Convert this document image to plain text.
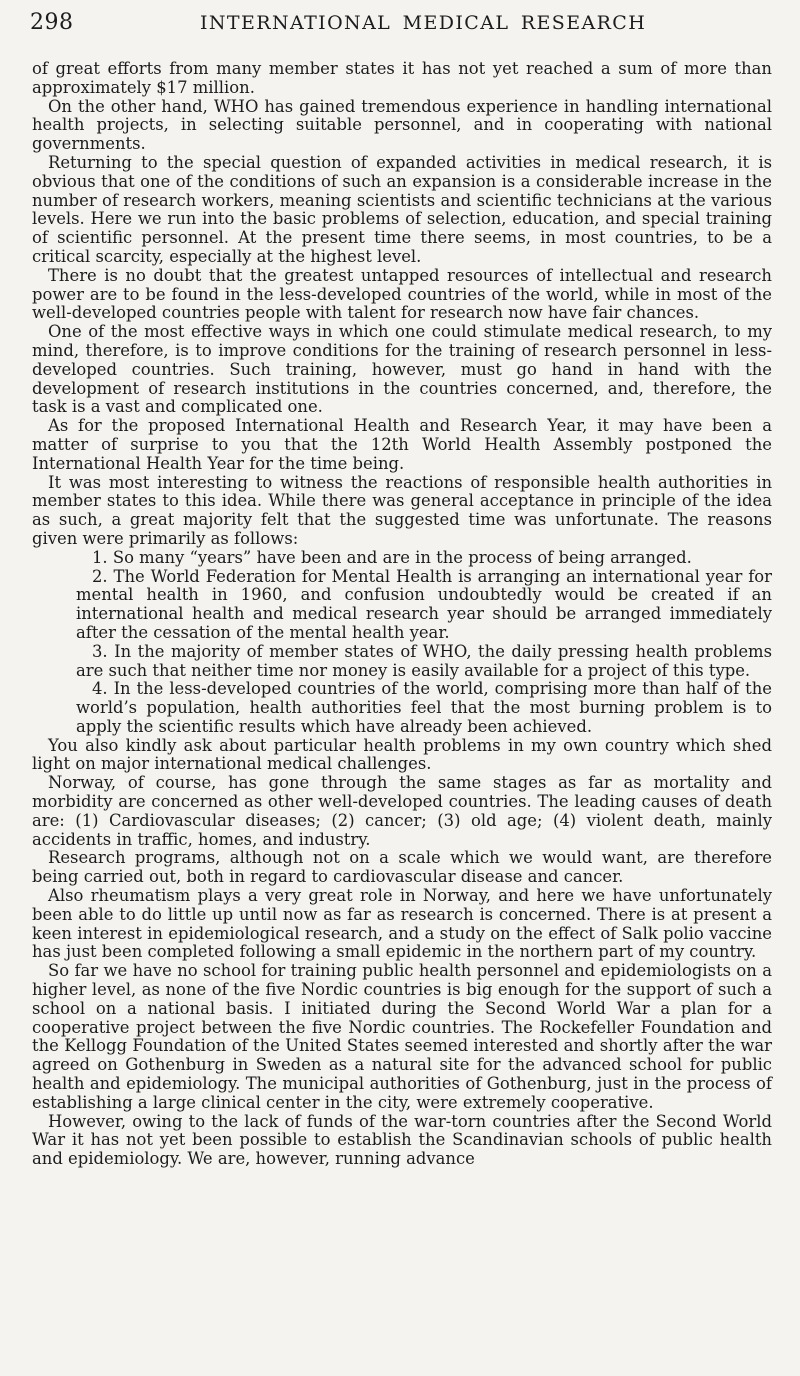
298	INTERNATIONAL MEDICAL RESEARCH

of great efforts from many member states it has not yet reached a sum of more than approximately $17 million.

On the other hand, WHO has gained tremendous experience in handling international health projects, in selecting suitable personnel, and in cooperating with national governments.

Returning to the special question of expanded activities in medical research, it is obvious that one of the conditions of such an expansion is a considerable increase in the number of research workers, meaning scientists and scientific technicians at the various levels. Here we run into the basic problems of selection, education, and special training of scientific personnel. At the present time there seems, in most countries, to be a critical scarcity, especially at the highest level.

There is no doubt that the greatest untapped resources of intellectual and research power are to be found in the less-developed countries of the world, while in most of the well-developed countries people with talent for research now have fair chances.

One of the most effective ways in which one could stimulate medical research, to my mind, therefore, is to improve conditions for the training of research personnel in less-developed countries. Such training, however, must go hand in hand with the development of research institutions in the countries concerned, and, therefore, the task is a vast and complicated one.

As for the proposed International Health and Research Year, it may have been a matter of surprise to you that the 12th World Health Assembly postponed the International Health Year for the time being.

It was most interesting to witness the reactions of responsible health authorities in member states to this idea. While there was general acceptance in principle of the idea as such, a great majority felt that the suggested time was unfortunate. The reasons given were primarily as follows:

1. So many “years” have been and are in the process of being arranged.

2. The World Federation for Mental Health is arranging an international year for mental health in 1960, and confusion undoubtedly would be created if an international health and medical research year should be arranged immediately after the cessation of the mental health year.

3. In the majority of member states of WHO, the daily pressing health problems are such that neither time nor money is easily available for a project of this type.

4. In the less-developed countries of the world, comprising more than half of the world’s population, health authorities feel that the most burning problem is to apply the scientific results which have already been achieved.

You also kindly ask about particular health problems in my own country which shed light on major international medical challenges.

Norway, of course, has gone through the same stages as far as mortality and morbidity are concerned as other well-developed countries. The leading causes of death are: (1) Cardiovascular diseases; (2) cancer; (3) old age; (4) violent death, mainly accidents in traffic, homes, and industry.

Research programs, although not on a scale which we would want, are therefore being carried out, both in regard to cardiovascular disease and cancer.

Also rheumatism plays a very great role in Norway, and here we have unfortunately been able to do little up until now as far as research is concerned. There is at present a keen interest in epidemiological research, and a study on the effect of Salk polio vaccine has just been completed following a small epidemic in the northern part of my country.

So far we have no school for training public health personnel and epidemiologists on a higher level, as none of the five Nordic countries is big enough for the support of such a school on a national basis. I initiated during the Second World War a plan for a cooperative project between the five Nordic countries. The Rockefeller Foundation and the Kellogg Foundation of the United States seemed interested and shortly after the war agreed on Gothenburg in Sweden as a natural site for the advanced school for public health and epidemiology. The municipal authorities of Gothenburg, just in the process of establishing a large clinical center in the city, were extremely cooperative.

However, owing to the lack of funds of the war-torn countries after the Second World War it has not yet been possible to establish the Scandinavian schools of public health and epidemiology. We are, however, running advance
